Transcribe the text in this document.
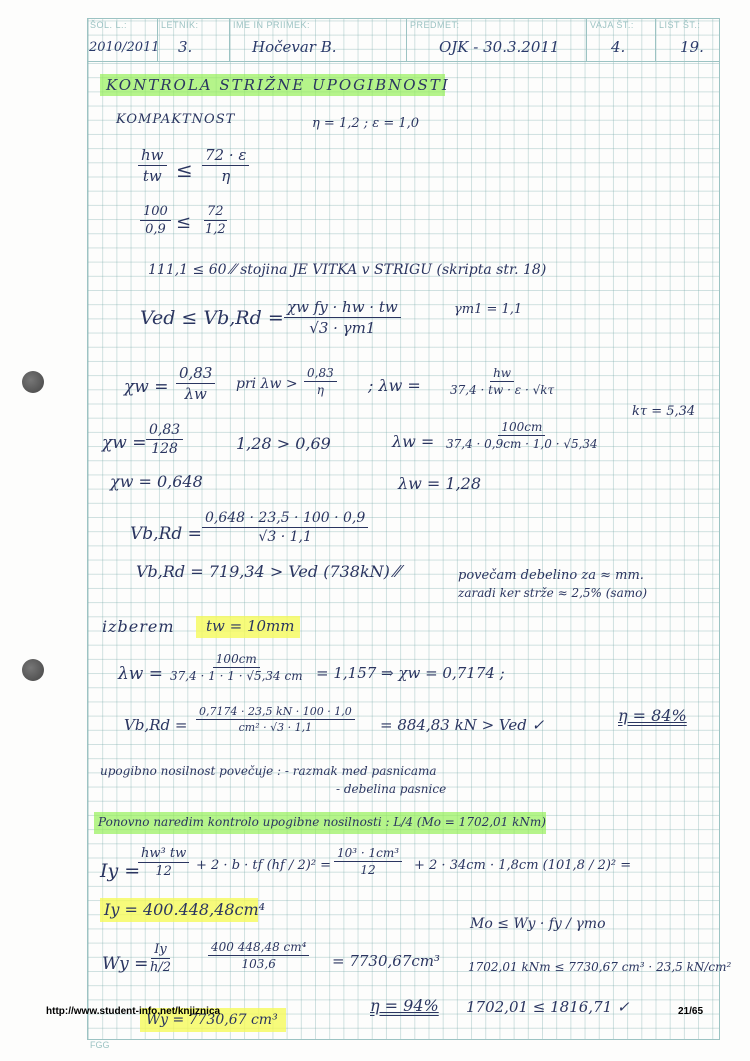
ŠOL. L.:
2010/2011
LETNIK:
3.
IME IN PRIIMEK:
Hočevar B.
PREDMET:
OJK - 30.3.2011
VAJA ŠT.:
4.
LIST ŠT.:
19.
KONTROLA STRIŽNE UPOGIBNOSTI
KOMPAKTNOST	η = 1,2 ; ε = 1,0
$\frac{hw}{tw} \le \frac{72 \cdot \varepsilon}{\eta}$
$\frac{100}{0,9} \le \frac{72}{1,2}$
111,1 ≤ 60 ⁄⁄ stojina JE VITKA v STRIGU (skripta str. 18)
Ved ≤ $Vb,Rd = \frac{\text{χw fy · hw · tw}}{√3 \cdot \gamma m1}$	γm1 = 1,1
$\chi w = \frac{0,83}{\lambda w}$ pri $\lambda w > \frac{0,83}{\eta}$ ; $\lambda w = \frac{hw}{37,4 \cdot tw \cdot \varepsilon \cdot √k\tau}$
kτ = 5,34
$\chi w = \frac{0,83}{128}$	1,28 > 0,69	$\lambda w = \frac{100cm}{37,4 \cdot 0,9cm \cdot 1,0 \cdot √5,34}$
χw = 0,648	λw = 1,28
$Vb,Rd = \frac{0,648 \cdot 23,5 \cdot 100 \cdot 0,9}{√3 \cdot 1,1}$
Vb,Rd = 719,34 > Ved (738kN) ⁄⁄	povečam debelino za ≈ mm.
zaradi ker strže ≈ 2,5% (samo)
izberem tw = 10mm
$\lambda w = \frac{100cm}{37,4 \cdot 1 \cdot 1 \cdot √5,34 cm} = 1,157$ ⇒ χw = 0,7174 ;
$Vb,Rd = \frac{0,7174 \cdot 23,5 kN \cdot 100 \cdot 1,0}{\text{cm² · √3 · 1,1}} = 884,83$ kN > Ved ✓	η = 84%
upogibno nosilnost povečuje : - razmak med pasnicama
- debelina pasnice
Ponovno naredim kontrolo upogibne nosilnosti : L/4 (Mo = 1702,01 kNm)
Iy =
$\frac{\text{hw³ tw}}{12} + 2 \cdot b$ · tf $(hf / 2)^2 = \frac{\text{10³ · 1cm³}}{12} + 2 \cdot 34cm \cdot 1,8cm$ (101,8 / 2)² =
Iy = 400.448,48cm⁴
Mo ≤ Wy · fy / γmo
$Wy = \frac{Iy}{h/2}$	$\frac{\text{400 448,48 cm⁴}}{103,6} = 7730,67cm^3$ 1702,01 kNm ≤ 7730,67 cm³ · 23,5 kN/cm²
Wy = 7730,67 cm³
η = 94% 1702,01 ≤ 1816,71 ✓
http://www.student-info.net/knjiznica	21/65
FGG
